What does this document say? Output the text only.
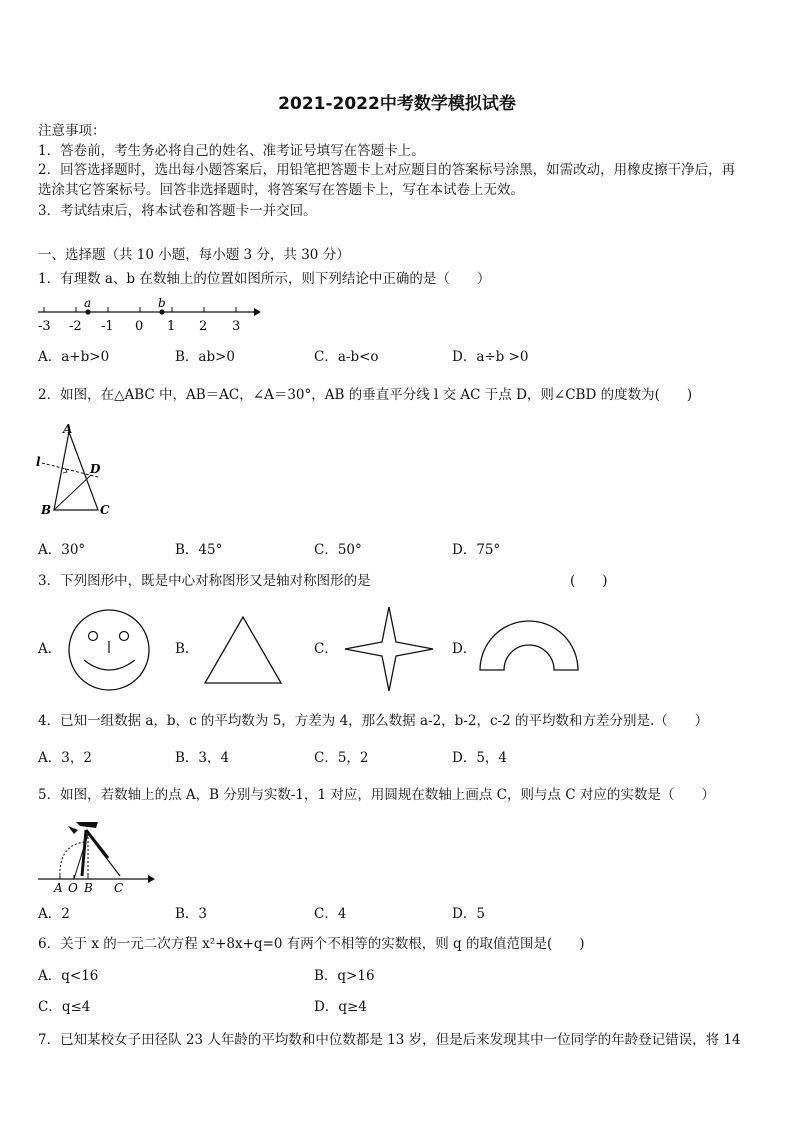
2021-2022中考数学模拟试卷
注意事项：
1．答卷前，考生务必将自己的姓名、准考证号填写在答题卡上。
2．回答选择题时，选出每小题答案后，用铅笔把答题卡上对应题目的答案标号涂黑，如需改动，用橡皮擦干净后，再
选涂其它答案标号。回答非选择题时，将答案写在答题卡上，写在本试卷上无效。
3．考试结束后，将本试卷和答题卡一并交回。
一、选择题（共 10 小题，每小题 3 分，共 30 分）
1．有理数 a、b 在数轴上的位置如图所示，则下列结论中正确的是（　　）
a	b
-3 -2 -1 0 1 2 3
A．a+b>0	B．ab>0	C．a-b<o	D．a÷b >0
2．如图，在△ABC 中，AB＝AC，∠A＝30°，AB 的垂直平分线 l 交 AC 于点 D，则∠CBD 的度数为(　　)
A
B	C
D
l
A．30°	B．45°	C．50°	D．75°
3．下列图形中，既是中心对称图形又是轴对称图形的是	(　　)
A．	B．	C．	D．
4．已知一组数据 a，b，c 的平均数为 5，方差为 4，那么数据 a-2，b-2，c-2 的平均数和方差分别是.（　　）
A．3，2	B．3，4	C．5，2	D．5，4
5．如图，若数轴上的点 A，B 分别与实数-1，1 对应，用圆规在数轴上画点 C，则与点 C 对应的实数是（　　）
A O B C
A．2	B．3	C．4	D．5
6．关于 x 的一元二次方程 x²+8x+q=0 有两个不相等的实数根，则 q 的取值范围是(　　)
A．q<16	B．q>16
C．q≤4	D．q≥4
7．已知某校女子田径队 23 人年龄的平均数和中位数都是 13 岁，但是后来发现其中一位同学的年龄登记错误，将 14
